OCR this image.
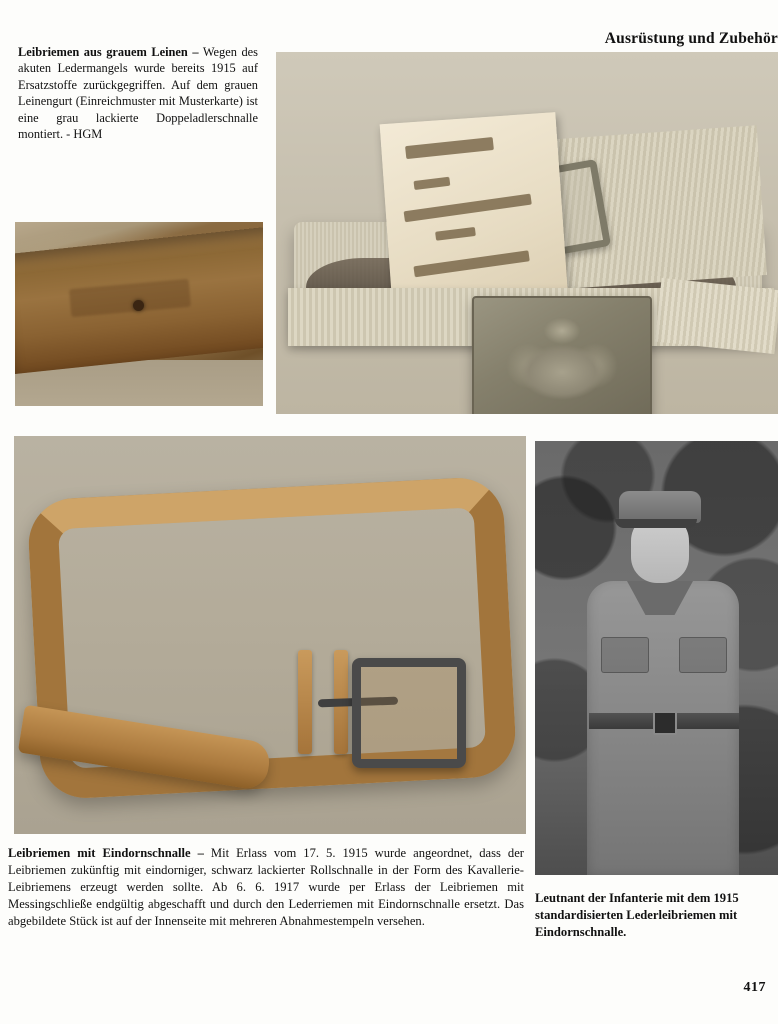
Ausrüstung und Zubehör
Leibriemen aus grauem Leinen – Wegen des akuten Ledermangels wurde bereits 1915 auf Ersatzstoffe zurückgegriffen. Auf dem grauen Leinengurt (Einreichmuster mit Musterkarte) ist eine grau lackierte Doppeladlerschnalle montiert. - HGM
Leibriemen mit Eindornschnalle – Mit Erlass vom 17. 5. 1915 wurde angeordnet, dass der Leibriemen zukünftig mit eindorniger, schwarz lackierter Rollschnalle in der Form des Kavallerie-Leibriemens erzeugt werden sollte. Ab 6. 6. 1917 wurde per Erlass der Leibriemen mit Messingschließe endgültig abgeschafft und durch den Lederriemen mit Eindornschnalle ersetzt. Das abgebildete Stück ist auf der Innenseite mit mehreren Abnahmestempeln versehen.
Leutnant der Infanterie mit dem 1915 standardisierten Lederleibriemen mit Eindornschnalle.
417
